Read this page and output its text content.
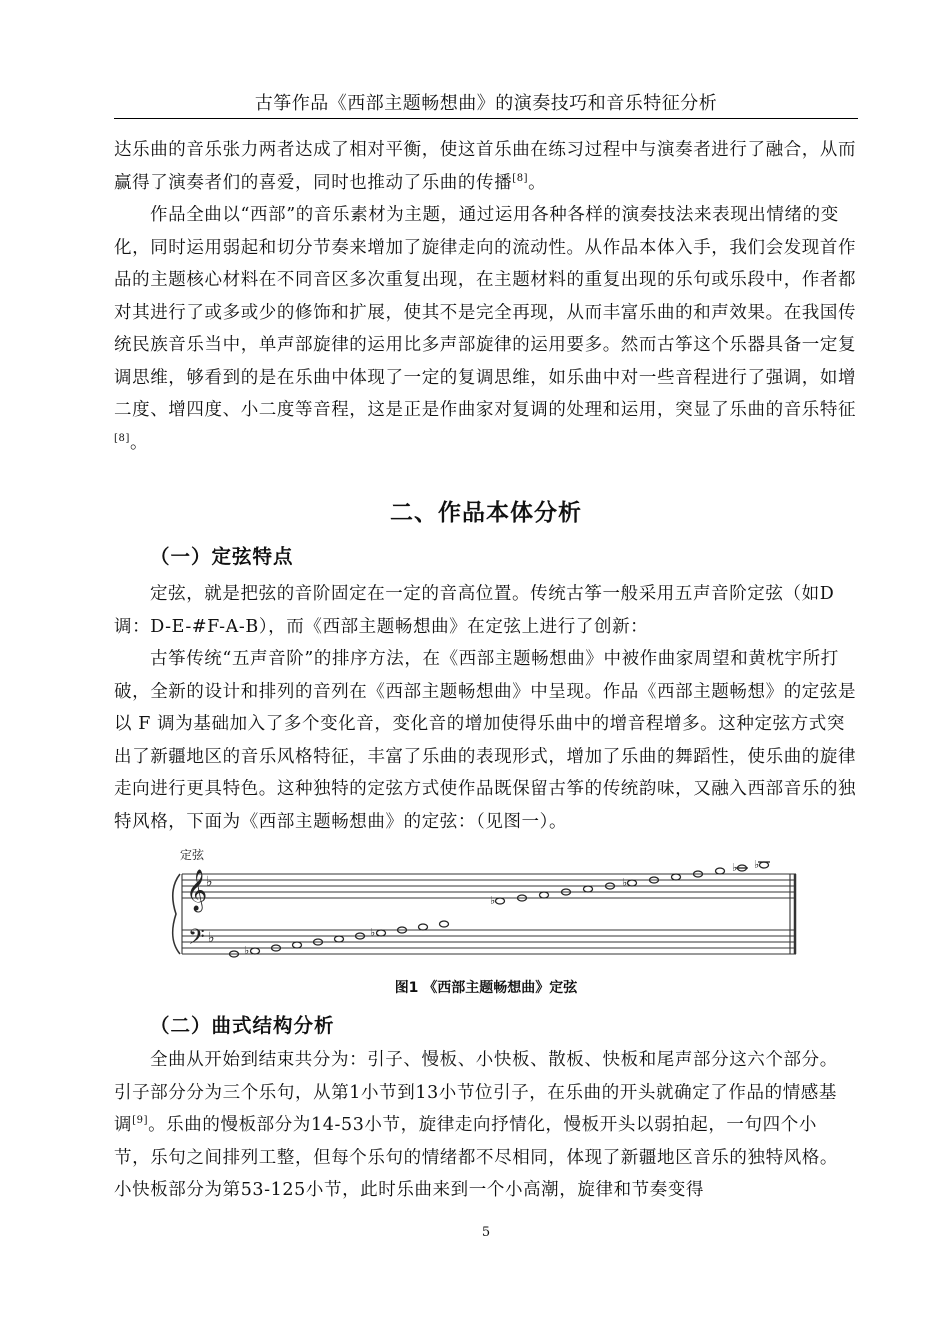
古筝作品《西部主题畅想曲》的演奏技巧和音乐特征分析

达乐曲的音乐张力两者达成了相对平衡，使这首乐曲在练习过程中与演奏者进行了融合，从而赢得了演奏者们的喜爱，同时也推动了乐曲的传播[8]。

作品全曲以“西部”的音乐素材为主题，通过运用各种各样的演奏技法来表现出情绪的变化，同时运用弱起和切分节奏来增加了旋律走向的流动性。从作品本体入手，我们会发现首作品的主题核心材料在不同音区多次重复出现，在主题材料的重复出现的乐句或乐段中，作者都对其进行了或多或少的修饰和扩展，使其不是完全再现，从而丰富乐曲的和声效果。在我国传统民族音乐当中，单声部旋律的运用比多声部旋律的运用要多。然而古筝这个乐器具备一定复调思维，够看到的是在乐曲中体现了一定的复调思维，如乐曲中对一些音程进行了强调，如增二度、增四度、小二度等音程，这是正是作曲家对复调的处理和运用，突显了乐曲的音乐特征[8]。

二、作品本体分析
（一）定弦特点

定弦，就是把弦的音阶固定在一定的音高位置。传统古筝一般采用五声音阶定弦（如D调：D-E-#F-A-B），而《西部主题畅想曲》在定弦上进行了创新：

古筝传统“五声音阶”的排序方法，在《西部主题畅想曲》中被作曲家周望和黄枕宇所打破，全新的设计和排列的音列在《西部主题畅想曲》中呈现。作品《西部主题畅想》的定弦是以 F 调为基础加入了多个变化音，变化音的增加使得乐曲中的增音程增多。这种定弦方式突出了新疆地区的音乐风格特征，丰富了乐曲的表现形式，增加了乐曲的舞蹈性，使乐曲的旋律走向进行更具特色。这种独特的定弦方式使作品既保留古筝的传统韵味，又融入西部音乐的独特风格，下面为《西部主题畅想曲》的定弦：（见图一）。

𝄞
𝄢
♭
♭
♭
♭
♭
♭
♭ ♭
定弦
图1 《西部主题畅想曲》定弦
（二）曲式结构分析

全曲从开始到结束共分为：引子、慢板、小快板、散板、快板和尾声部分这六个部分。引子部分分为三个乐句，从第1小节到13小节位引子，在乐曲的开头就确定了作品的情感基调[9]。乐曲的慢板部分为14-53小节，旋律走向抒情化，慢板开头以弱拍起，一句四个小节，乐句之间排列工整，但每个乐句的情绪都不尽相同，体现了新疆地区音乐的独特风格。小快板部分为第53-125小节，此时乐曲来到一个小高潮，旋律和节奏变得

5
